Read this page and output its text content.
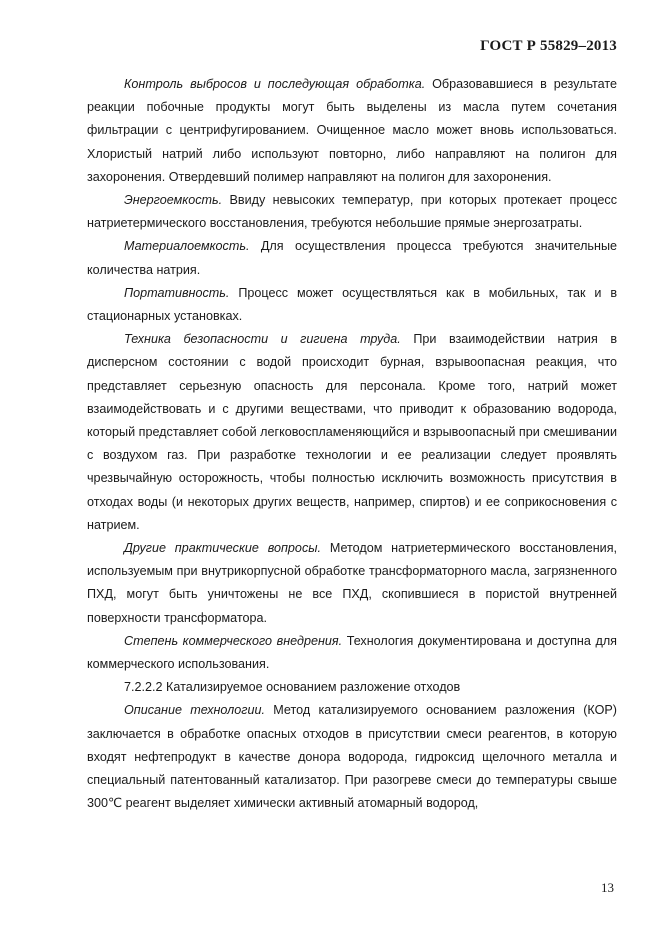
ГОСТ Р 55829–2013

Контроль выбросов и последующая обработка. Образовавшиеся в результате реакции побочные продукты могут быть выделены из масла путем сочетания фильтрации с центрифугированием. Очищенное масло может вновь использоваться. Хлористый натрий либо используют повторно, либо направляют на полигон для захоронения. Отвердевший полимер направляют на полигон для захоронения.

Энергоемкость. Ввиду невысоких температур, при которых протекает процесс натриетермического восстановления, требуются небольшие прямые энергозатраты.

Материалоемкость. Для осуществления процесса требуются значительные количества натрия.

Портативность. Процесс может осуществляться как в мобильных, так и в стационарных установках.

Техника безопасности и гигиена труда. При взаимодействии натрия в дисперсном состоянии с водой происходит бурная, взрывоопасная реакция, что представляет серьезную опасность для персонала. Кроме того, натрий может взаимодействовать и с другими веществами, что приводит к образованию водорода, который представляет собой легковоспламеняющийся и взрывоопасный при смешивании с воздухом газ. При разработке технологии и ее реализации следует проявлять чрезвычайную осторожность, чтобы полностью исключить возможность присутствия в отходах воды (и некоторых других веществ, например, спиртов) и ее соприкосновения с натрием.

Другие практические вопросы. Методом натриетермического восстановления, используемым при внутрикорпусной обработке трансформаторного масла, загрязненного ПХД, могут быть уничтожены не все ПХД, скопившиеся в пористой внутренней поверхности трансформатора.

Степень коммерческого внедрения. Технология документирована и доступна для коммерческого использования.

7.2.2.2 Катализируемое основанием разложение отходов

Описание технологии. Метод катализируемого основанием разложения (КОР) заключается в обработке опасных отходов в присутствии смеси реагентов, в которую входят нефтепродукт в качестве донора водорода, гидроксид щелочного металла и специальный патентованный катализатор. При разогреве смеси до температуры свыше 300℃ реагент выделяет химически активный атомарный водород,

13
